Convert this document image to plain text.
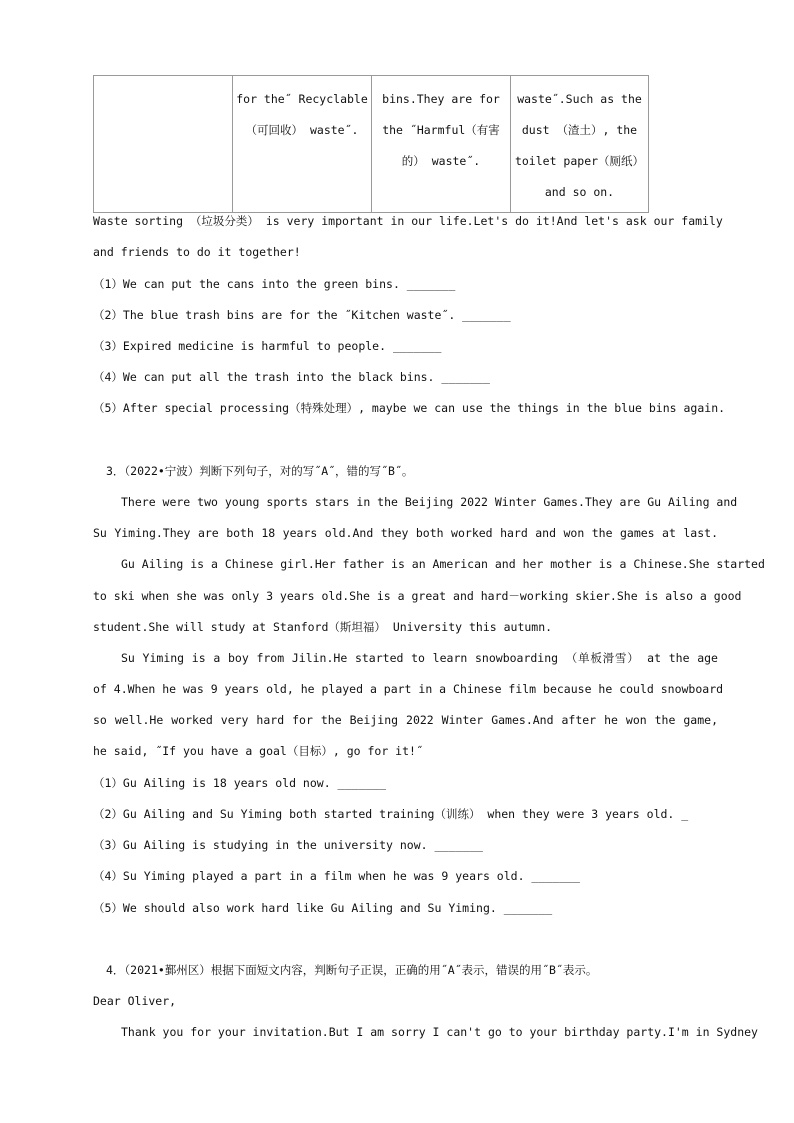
	for the˝ Recyclable
（可回收） waste˝.	bins.They are for
the ˝Harmful（有害
的） waste˝.	waste˝.Such as the
dust （渣土）, the
toilet paper（厕纸）
and so on.
Waste sorting （垃圾分类） is very important in our life.Let's do it!And let's ask our family
and friends to do it together!
（1）We can put the cans into the green bins. _______
（2）The blue trash bins are for the ˝Kitchen waste˝. _______
（3）Expired medicine is harmful to people. _______
（4）We can put all the trash into the black bins. _______
（5）After special processing（特殊处理）, maybe we can use the things in the blue bins again.
3．（2022•宁波）判断下列句子，对的写˝A˝，错的写˝B˝。
There were two young sports stars in the Beijing 2022 Winter Games.They are Gu Ailing and
Su Yiming.They are both 18 years old.And they both worked hard and won the games at last.
Gu Ailing is a Chinese girl.Her father is an American and her mother is a Chinese.She started
to ski when she was only 3 years old.She is a great and hard－working skier.She is also a good
student.She will study at Stanford（斯坦福） University this autumn.
Su Yiming is a boy from Jilin.He started to learn snowboarding （单板滑雪） at the age
of 4.When he was 9 years old, he played a part in a Chinese film because he could snowboard
so well.He worked very hard for the Beijing 2022 Winter Games.And after he won the game,
he said, ˝If you have a goal（目标）, go for it!˝
（1）Gu Ailing is 18 years old now. _______
（2）Gu Ailing and Su Yiming both started training（训练） when they were 3 years old. _
（3）Gu Ailing is studying in the university now. _______
（4）Su Yiming played a part in a film when he was 9 years old. _______
（5）We should also work hard like Gu Ailing and Su Yiming. _______
4．（2021•鄞州区）根据下面短文内容，判断句子正误，正确的用˝A˝表示，错误的用˝B˝表示。
Dear Oliver,
Thank you for your invitation.But I am sorry I can't go to your birthday party.I'm in Sydney
